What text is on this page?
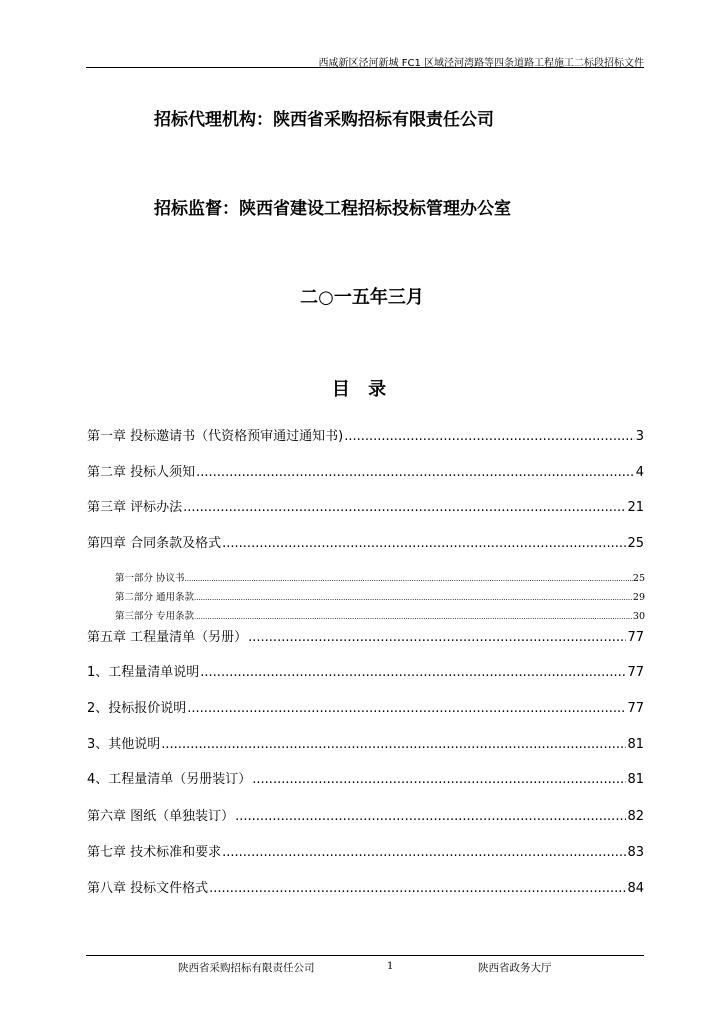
西咸新区泾河新城 FC1 区域泾河湾路等四条道路工程施工二标段招标文件
招标代理机构：陕西省采购招标有限责任公司
招标监督：陕西省建设工程招标投标管理办公室
二○一五年三月
目 录
第一章 投标邀请书（代资格预审通过通知书) .....	3
第二章 投标人须知 .....	4
第三章 评标办法 .....	21
第四章 合同条款及格式 .....	25
第一部分 协议书 .....	25
第二部分 通用条款 .....	29
第三部分 专用条款 .....	30
第五章 工程量清单（另册） .....	77
1、工程量清单说明 .....	77
2、投标报价说明 .....	77
3、其他说明 .....	81
4、工程量清单（另册装订） .....	81
第六章 图纸（单独装订） .....	82
第七章 技术标准和要求 .....	83
第八章 投标文件格式 .....	84
陕西省采购招标有限责任公司	1	陕西省政务大厅
